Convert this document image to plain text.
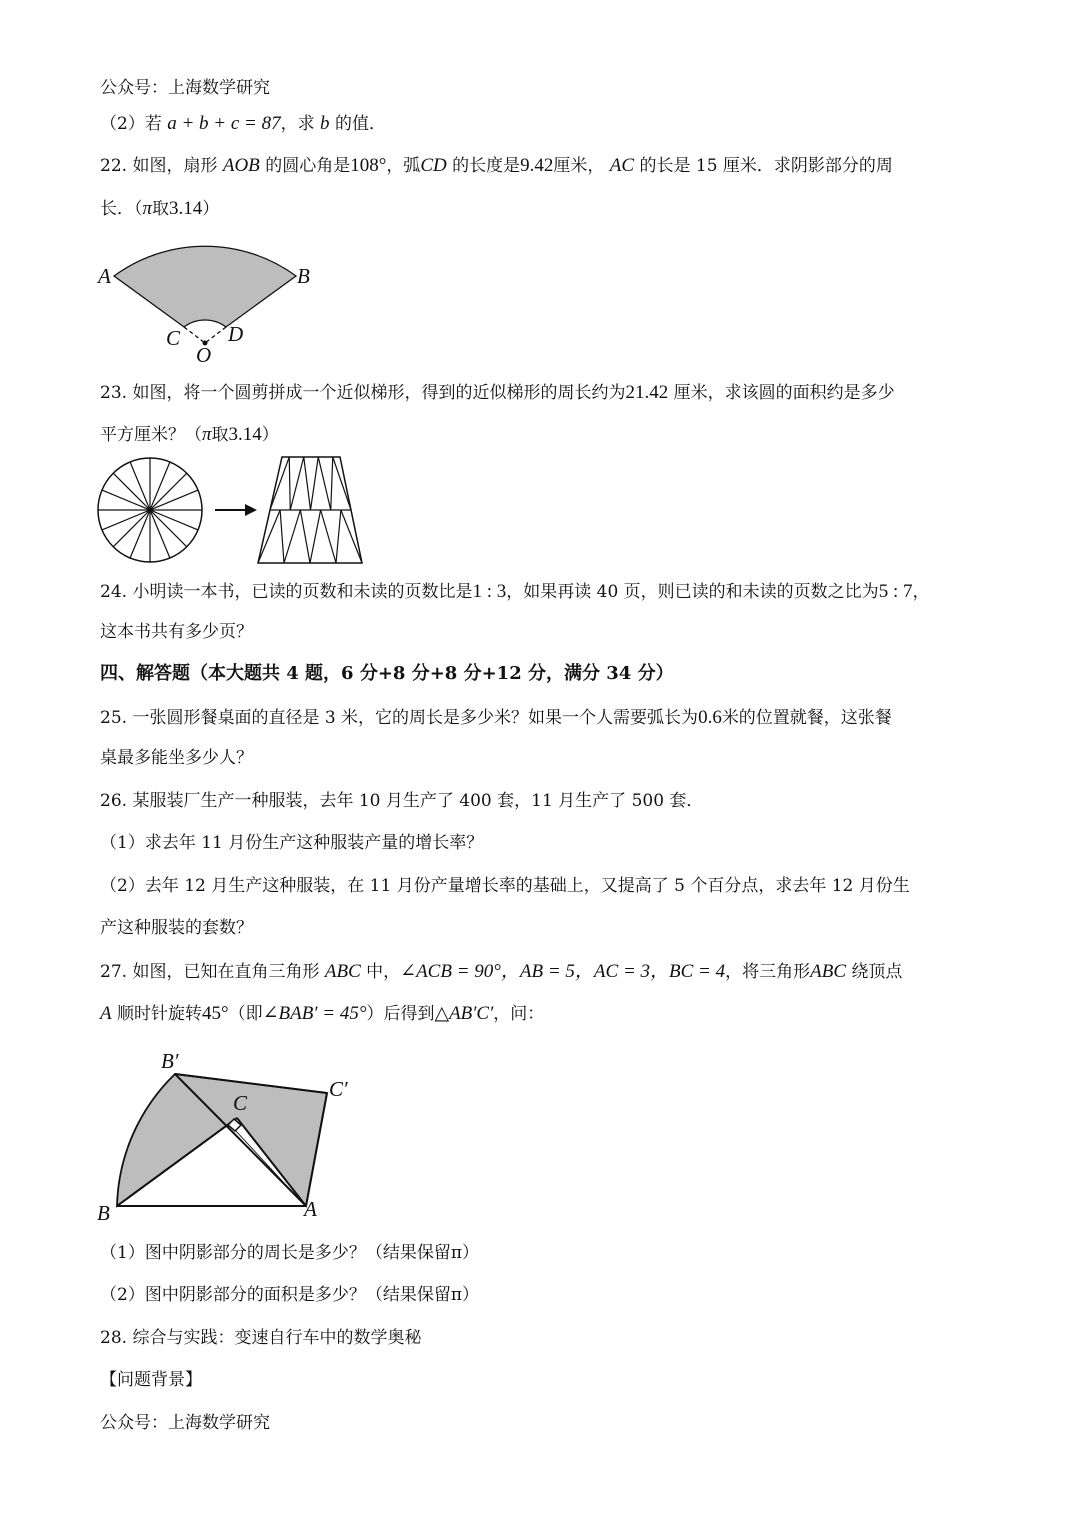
公众号：上海数学研究
（2）若 a + b + c = 87，求 b 的值．
22. 如图，扇形 AOB 的圆心角是108°，弧CD 的长度是9.42厘米， AC 的长是 15 厘米．求阴影部分的周
长．（π取3.14）
A	B
C D
O
23. 如图，将一个圆剪拼成一个近似梯形，得到的近似梯形的周长约为21.42 厘米，求该圆的面积约是多少
平方厘米？（π取3.14）
24. 小明读一本书，已读的页数和未读的页数比是1 : 3，如果再读 40 页，则已读的和未读的页数之比为5 : 7，
这本书共有多少页？
四、解答题（本大题共 4 题，6 分+8 分+8 分+12 分，满分 34 分）
25. 一张圆形餐桌面的直径是 3 米，它的周长是多少米？如果一个人需要弧长为0.6米的位置就餐，这张餐
桌最多能坐多少人？
26. 某服装厂生产一种服装，去年 10 月生产了 400 套，11 月生产了 500 套．
（1）求去年 11 月份生产这种服装产量的增长率？
（2）去年 12 月生产这种服装，在 11 月份产量增长率的基础上，又提高了 5 个百分点，求去年 12 月份生
产这种服装的套数？
27. 如图，已知在直角三角形 ABC 中，∠ACB = 90°，AB = 5，AC = 3，BC = 4，将三角形ABC 绕顶点
A 顺时针旋转45°（即∠BAB′ = 45°）后得到△AB′C′，问：
B′
C′
C
B	A
（1）图中阴影部分的周长是多少？（结果保留π）
（2）图中阴影部分的面积是多少？（结果保留π）
28. 综合与实践：变速自行车中的数学奥秘
【问题背景】
公众号：上海数学研究
